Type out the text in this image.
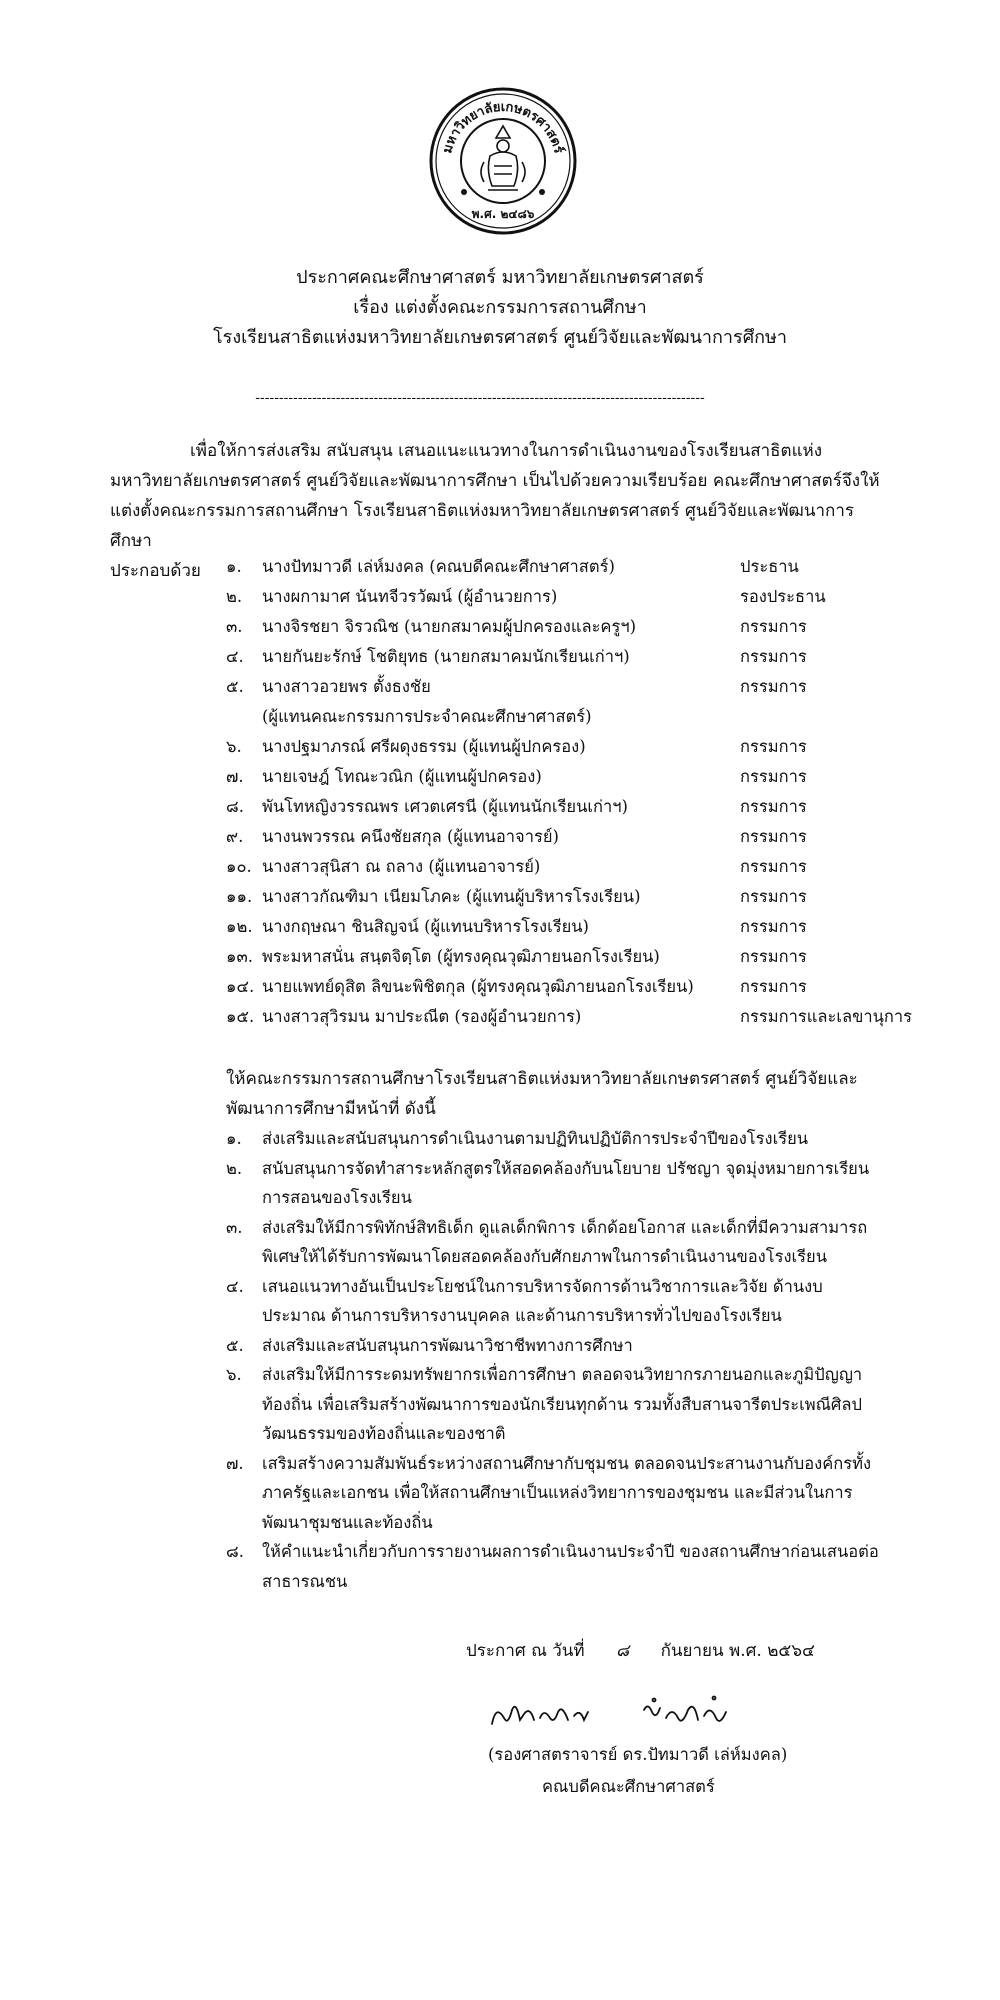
มหาวิทยาลัยเกษตรศาสตร์
พ.ศ. ๒๔๘๖
ประกาศคณะศึกษาศาสตร์ มหาวิทยาลัยเกษตรศาสตร์
เรื่อง แต่งตั้งคณะกรรมการสถานศึกษา
โรงเรียนสาธิตแห่งมหาวิทยาลัยเกษตรศาสตร์ ศูนย์วิจัยและพัฒนาการศึกษา
-----------------------------------------------------------------------------------------------
เพื่อให้การส่งเสริม สนับสนุน เสนอแนะแนวทางในการดำเนินงานของโรงเรียนสาธิตแห่ง
มหาวิทยาลัยเกษตรศาสตร์ ศูนย์วิจัยและพัฒนาการศึกษา เป็นไปด้วยความเรียบร้อย คณะศึกษาศาสตร์จึงให้
แต่งตั้งคณะกรรมการสถานศึกษา โรงเรียนสาธิตแห่งมหาวิทยาลัยเกษตรศาสตร์ ศูนย์วิจัยและพัฒนาการศึกษา
ประกอบด้วย	๑.	นางปัทมาวดี เล่ห์มงคล (คณบดีคณะศึกษาศาสตร์)	ประธาน
๒.	นางผกามาศ นันทจีวรวัฒน์ (ผู้อำนวยการ)	รองประธาน
๓.	นางจิรชยา จิรวณิช (นายกสมาคมผู้ปกครองและครูฯ)	กรรมการ
๔.	นายกันยะรักษ์ โชติยุทธ (นายกสมาคมนักเรียนเก่าฯ)	กรรมการ
๕.	นางสาวอวยพร ตั้งธงชัย	กรรมการ
(ผู้แทนคณะกรรมการประจำคณะศึกษาศาสตร์)
๖.	นางปฐมาภรณ์ ศรีผดุงธรรม (ผู้แทนผู้ปกครอง)	กรรมการ
๗.	นายเจษฎ์ โทณะวณิก (ผู้แทนผู้ปกครอง)	กรรมการ
๘.	พันโทหญิงวรรณพร เศวตเศรนี (ผู้แทนนักเรียนเก่าฯ)	กรรมการ
๙.	นางนพวรรณ คนึงชัยสกุล (ผู้แทนอาจารย์)	กรรมการ
๑๐. นางสาวสุนิสา ณ ถลาง (ผู้แทนอาจารย์)	กรรมการ
๑๑. นางสาวกัณฑิมา เนียมโภคะ (ผู้แทนผู้บริหารโรงเรียน)	กรรมการ
๑๒. นางกฤษณา ชินสิญจน์ (ผู้แทนบริหารโรงเรียน)	กรรมการ
๑๓. พระมหาสนั่น สนฺตจิตฺโต (ผู้ทรงคุณวุฒิภายนอกโรงเรียน)	กรรมการ
๑๔. นายแพทย์ดุสิต ลิขนะพิชิตกุล (ผู้ทรงคุณวุฒิภายนอกโรงเรียน)	กรรมการ
๑๕. นางสาวสุวิรมน มาประณีต (รองผู้อำนวยการ)	กรรมการและเลขานุการ
ให้คณะกรรมการสถานศึกษาโรงเรียนสาธิตแห่งมหาวิทยาลัยเกษตรศาสตร์ ศูนย์วิจัยและ
พัฒนาการศึกษามีหน้าที่ ดังนี้
๑.	ส่งเสริมและสนับสนุนการดำเนินงานตามปฏิทินปฏิบัติการประจำปีของโรงเรียน
๒.	สนับสนุนการจัดทำสาระหลักสูตรให้สอดคล้องกับนโยบาย ปรัชญา จุดมุ่งหมายการเรียนการสอนของโรงเรียน
๓.	ส่งเสริมให้มีการพิทักษ์สิทธิเด็ก ดูแลเด็กพิการ เด็กด้อยโอกาส และเด็กที่มีความสามารถพิเศษให้ได้รับการพัฒนาโดยสอดคล้องกับศักยภาพในการดำเนินงานของโรงเรียน
๔.	เสนอแนวทางอันเป็นประโยชน์ในการบริหารจัดการด้านวิชาการและวิจัย ด้านงบประมาณ ด้านการบริหารงานบุคคล และด้านการบริหารทั่วไปของโรงเรียน
๕.	ส่งเสริมและสนับสนุนการพัฒนาวิชาชีพทางการศึกษา
๖.	ส่งเสริมให้มีการระดมทรัพยากรเพื่อการศึกษา ตลอดจนวิทยากรภายนอกและภูมิปัญญาท้องถิ่น เพื่อเสริมสร้างพัฒนาการของนักเรียนทุกด้าน รวมทั้งสืบสานจารีตประเพณีศิลปวัฒนธรรมของท้องถิ่นและของชาติ
๗.	เสริมสร้างความสัมพันธ์ระหว่างสถานศึกษากับชุมชน ตลอดจนประสานงานกับองค์กรทั้งภาครัฐและเอกชน เพื่อให้สถานศึกษาเป็นแหล่งวิทยาการของชุมชน และมีส่วนในการพัฒนาชุมชนและท้องถิ่น
๘.	ให้คำแนะนำเกี่ยวกับการรายงานผลการดำเนินงานประจำปี ของสถานศึกษาก่อนเสนอต่อสาธารณชน
ประกาศ ณ วันที่ ๘ กันยายน พ.ศ. ๒๕๖๔
(รองศาสตราจารย์ ดร.ปัทมาวดี เล่ห์มงคล)
คณบดีคณะศึกษาศาสตร์
